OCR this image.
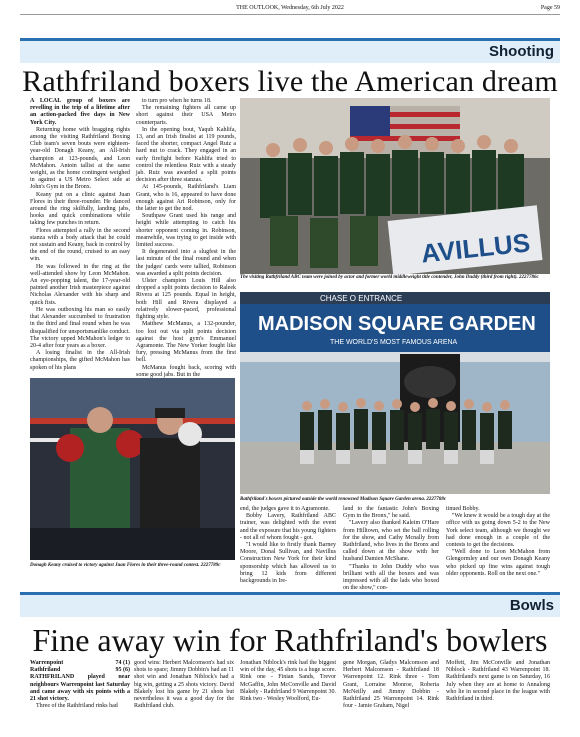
THE OUTLOOK, Wednesday, 6th July 2022	Page 59
Shooting
Rathfriland boxers live the American dream

A LOCAL group of boxers are revelling in the trip of a lifetime after an action-packed five days in New York City.

Returning home with bragging rights among the visiting Rathfriland Boxing Club team's seven bouts were eighteen-year-old Donagh Keany, an All-Irish champion at 123-pounds, and Leon McMahon. Antoin tallist at the same weight, as the home contingent weighed in against a US Metro Select side at John's Gym in the Bronx.

Keany put on a clinic against Juan Flores in their three-rounder. He danced around the ring skilfully, landing jabs, hooks and quick combinations while taking few punches in return.

Flores attempted a rally in the second stanza with a body attack that he could not sustain and Keany, back in control by the end of the round, cruised to an easy win.

He was followed in the ring at the well-attended show by Leon McMahon. An eye-popping talent, the 17-year-old painted another Irish masterpiece against Nicholas Alexander with his sharp and quick fists.

He was outboxing his man so easily that Alexander succumbed to frustration in the third and final round when he was disqualified for unsportsmanlike conduct. The victory upped McMahon's ledger to 20-4 after four years as a boxer.

A losing finalist in the All-Irish championships, the gifted McMahon has spoken of his plans

to turn pro when he turns 18.

The remaining fighters all came up short against their USA Metro counterparts.

In the opening bout, Yaqub Kahlifa, 13, and an Irish finalist at 119 pounds, faced the shorter, compact Angel Ruiz a hard nut to crack. They engaged in an early firefight before Kahlifa tried to control the relentless Ruiz with a steady jab. Ruiz was awarded a split points decision after three stanzas.

At 145-pounds, Rathfriland's Liam Grant, who is 16, appeared to have done enough against Ari Robinson, only for the latter to get the nod.

Southpaw Grant used his range and height while attempting to catch his shorter opponent coming in. Robinson, meanwhile, was trying to get inside with limited success.

It degenerated into a slugfest in the last minute of the final round and when the judges' cards were tallied, Robinson was awarded a split points decision.

Ulster champion Louis Hill also dropped a split points decision to Raleek Rivera at 125 pounds. Equal in height, both Hill and Rivera displayed a relatively slower-paced, professional fighting style.

Matthew McManus, a 132-pounder, too lost out via split points decision against the host gym's Emmanuel Agramonte. The New Yorker fought like fury, pressing McManus from the first bell.

McManus fought back, scoring with some good jabs. But in the

AVILLUS
The visiting Rathfriland ABC team were joined by actor and former world middleweight title contender, John Duddy (third from right). 2227786c
CHASE O ENTRANCE
MADISON SQUARE GARDEN
THE WORLD'S MOST FAMOUS ARENA
Rathfriland's boxers pictured outside the world renowned Madison Square Garden arena. 2227788c
Donagh Keany cruised to victory against Juan Flores in their three-round contest. 2227789c

end, the judges gave it to Agramonte.

Bobby Lavery, Rathfriland ABC trainer, was delighted with the event and the exposure that his young fighters - not all of whom fought - got.

"I would like to firstly thank Barney Moore, Donal Sullivan, and Navillus Construction New York for their kind sponsorship which has allowed us to bring 12 kids from different backgrounds in Ire-

land to the fantastic John's Boxing Gym in the Bronx," he said.

"Lavery also thanked Kaleim O'Hare from Hilltown, who set the ball rolling for the show, and Cathy Mcnally from Rathfriland, who lives in the Bronx and called down at the show with her husband Damien McShane.

"Thanks to John Duddy who was brilliant with all the boxers and was impressed with all the lads who boxed on the show," con-

tinued Bobby.

"We knew it would be a tough day at the office with us going down 5-2 to the New York select team, although we thought we had done enough in a couple of the contests to get the decisions.

"Well done to Leon McMahon from Glengormley and our own Donagh Keany who picked up fine wins against tough older opponents. Roll on the next one."

Bowls
Fine away win for Rathfriland's bowlers
Warrenpoint	74 (1)
Rathfriland	95 (6)

RATHFRILAND played near neighbours Warrenpoint last Saturday and came away with six points with a 21 shot victory.

Three of the Rathfriland rinks had

good wins: Herbert Malcomson's had six shots to spare; Jimmy Dobbin's had an 11 shot win and Jonathan Niblock's had a big win, getting a 25 shots victory. David Blakely lost his game by 21 shots but nevertheless it was a good day for the Rathfriland club.

Jonathan Niblock's rink had the biggest win of the day, 45 shots is a huge score. Rink one - Finian Sands, Trevor McGaffin, John McConville and David Blakely - Rathfriland 9 Warrenpoint 30. Rink two - Wesley Woolford, Eu-

gene Morgan, Gladys Malcomson and Herbert Malcomson - Rathfriland 18 Warrenpoint 12. Rink three - Tom Grant, Lorraine Monroe, Roberta McNeilly and Jimmy Dobbin - Rathfriland 25 Warrenpoint 14. Rink four - Jamie Graham, Nigel

Moffett, Jim McConville and Jonathan Niblock - Rathfriland 43 Warrenpoint 18. Rathfriland's next game is on Saturday, 16 July when they are at home to Annalong who lie in second place in the league with Rathfriland in third.
